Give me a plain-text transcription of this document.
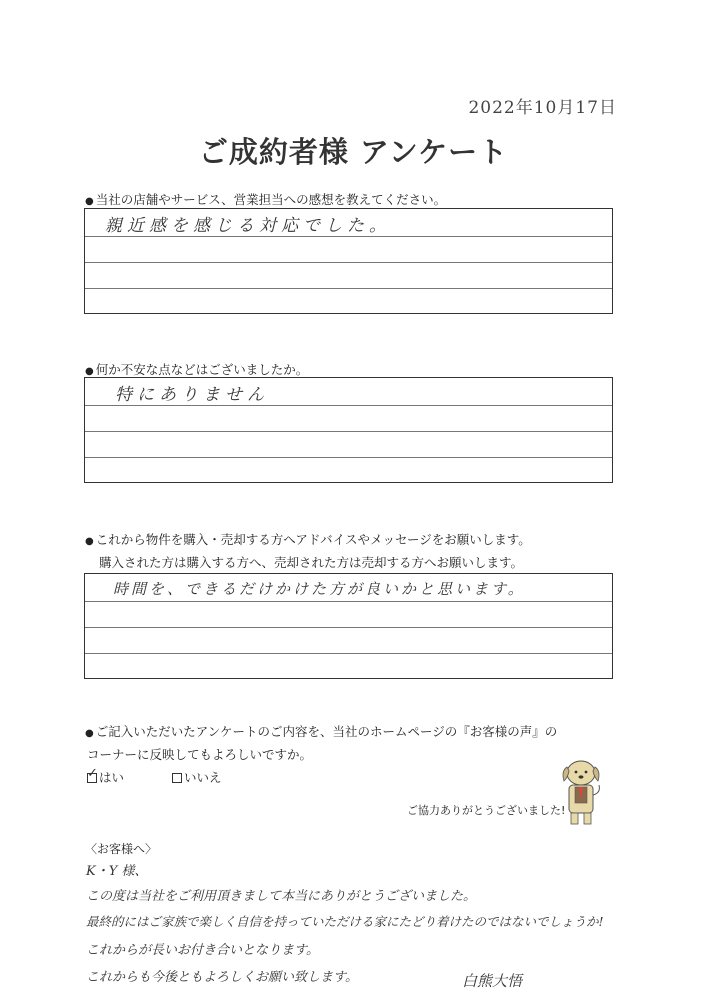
2022年10月17日
ご成約者様 アンケート
● 当社の店舗やサービス、営業担当への感想を教えてください。
親近感を感じる対応でした。
● 何か不安な点などはございましたか。
特にありません
● これから物件を購入・売却する方へアドバイスやメッセージをお願いします。
購入された方は購入する方へ、売却された方は売却する方へお願いします。
時間を、できるだけかけた方が良いかと思います。
● ご記入いただいたアンケートのご内容を、当社のホームページの『お客様の声』の
コーナーに反映してもよろしいですか。
✓ はい	いいえ
ご協力ありがとうございました!
〈お客様へ〉
K・Y 様、
この度は当社をご利用頂きまして本当にありがとうございました。
最終的にはご家族で楽しく自信を持っていただける家にたどり着けたのではないでしょうか!
これからが長いお付き合いとなります。
これからも今後ともよろしくお願い致します。	白熊大悟
